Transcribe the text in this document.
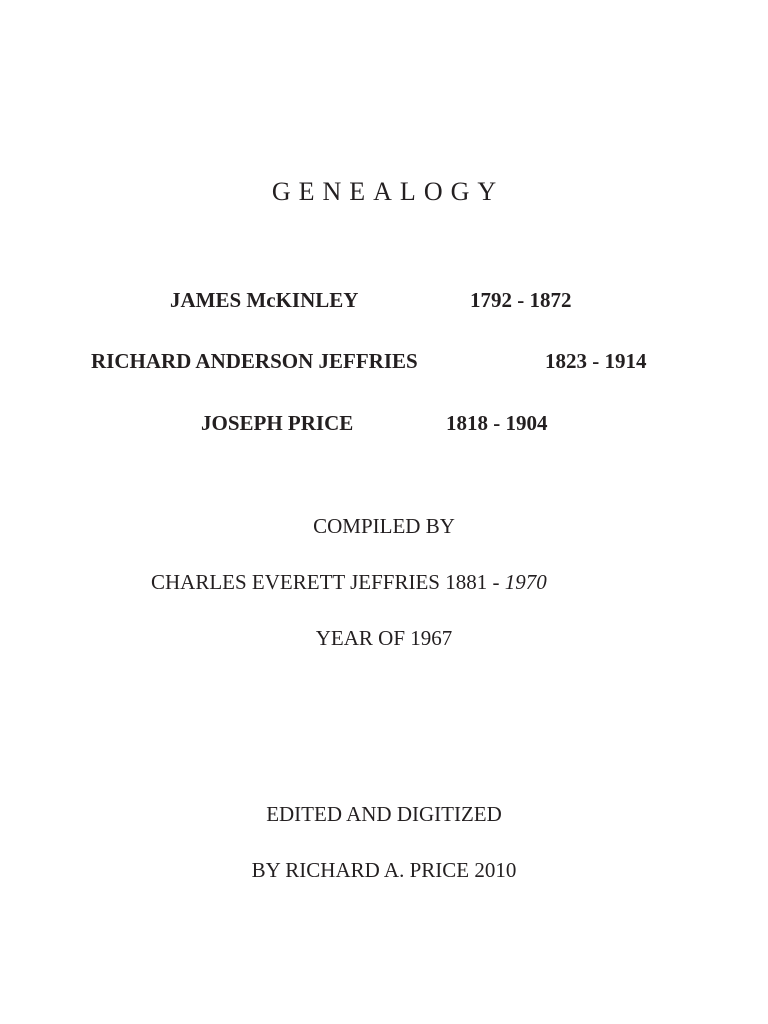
GENEALOGY
JAMES McKINLEY	1792 - 1872
RICHARD ANDERSON JEFFRIES	1823 - 1914
JOSEPH PRICE	1818 - 1904
COMPILED BY
CHARLES EVERETT JEFFRIES 1881 - 1970
YEAR OF 1967
EDITED AND DIGITIZED
BY RICHARD A. PRICE 2010
